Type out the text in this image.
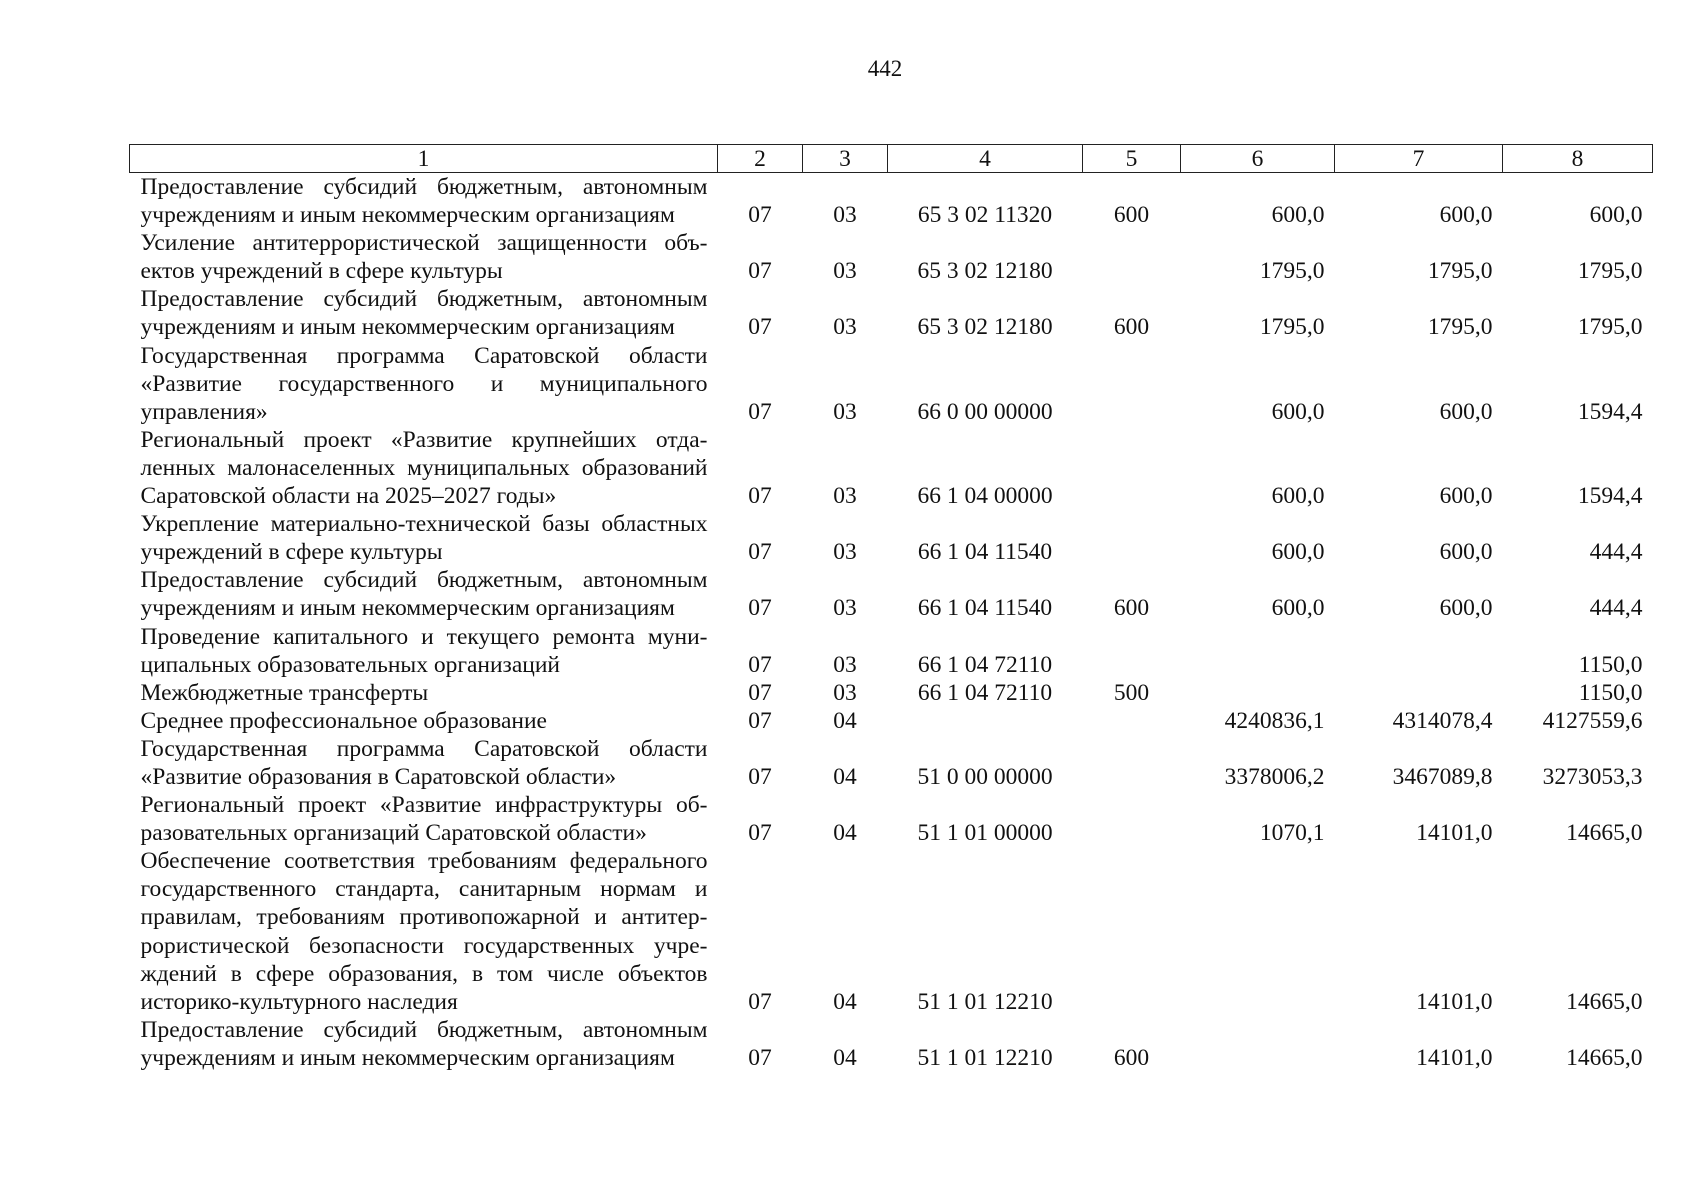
442
1	2	3	4	5	6	7	8
Предоставление субсидий бюджетным, автономным учреждениям и иным некоммерческим организациям	07	03	65 3 02 11320	600	600,0	600,0	600,0
Усиление антитеррористической защищенности объектов учреждений в сфере культуры	07	03	65 3 02 12180		1795,0	1795,0	1795,0
Предоставление субсидий бюджетным, автономным учреждениям и иным некоммерческим организациям	07	03	65 3 02 12180	600	1795,0	1795,0	1795,0
Государственная программа Саратовской области «Развитие государственного и муниципального управления»	07	03	66 0 00 00000		600,0	600,0	1594,4
Региональный проект «Развитие крупнейших отдаленных малонаселенных муниципальных образований Саратовской области на 2025–2027 годы»	07	03	66 1 04 00000		600,0	600,0	1594,4
Укрепление материально-технической базы областных учреждений в сфере культуры	07	03	66 1 04 11540		600,0	600,0	444,4
Предоставление субсидий бюджетным, автономным учреждениям и иным некоммерческим организациям	07	03	66 1 04 11540	600	600,0	600,0	444,4
Проведение капитального и текущего ремонта муниципальных образовательных организаций	07	03	66 1 04 72110				1150,0
Межбюджетные трансферты	07	03	66 1 04 72110	500			1150,0
Среднее профессиональное образование	07	04			4240836,1	4314078,4	4127559,6
Государственная программа Саратовской области «Развитие образования в Саратовской области»	07	04	51 0 00 00000		3378006,2	3467089,8	3273053,3
Региональный проект «Развитие инфраструктуры образовательных организаций Саратовской области»	07	04	51 1 01 00000		1070,1	14101,0	14665,0
Обеспечение соответствия требованиям федерального государственного стандарта, санитарным нормам и правилам, требованиям противопожарной и антитеррористической безопасности государственных учреждений в сфере образования, в том числе объектов историко-культурного наследия	07	04	51 1 01 12210			14101,0	14665,0
Предоставление субсидий бюджетным, автономным учреждениям и иным некоммерческим организациям	07	04	51 1 01 12210	600		14101,0	14665,0
